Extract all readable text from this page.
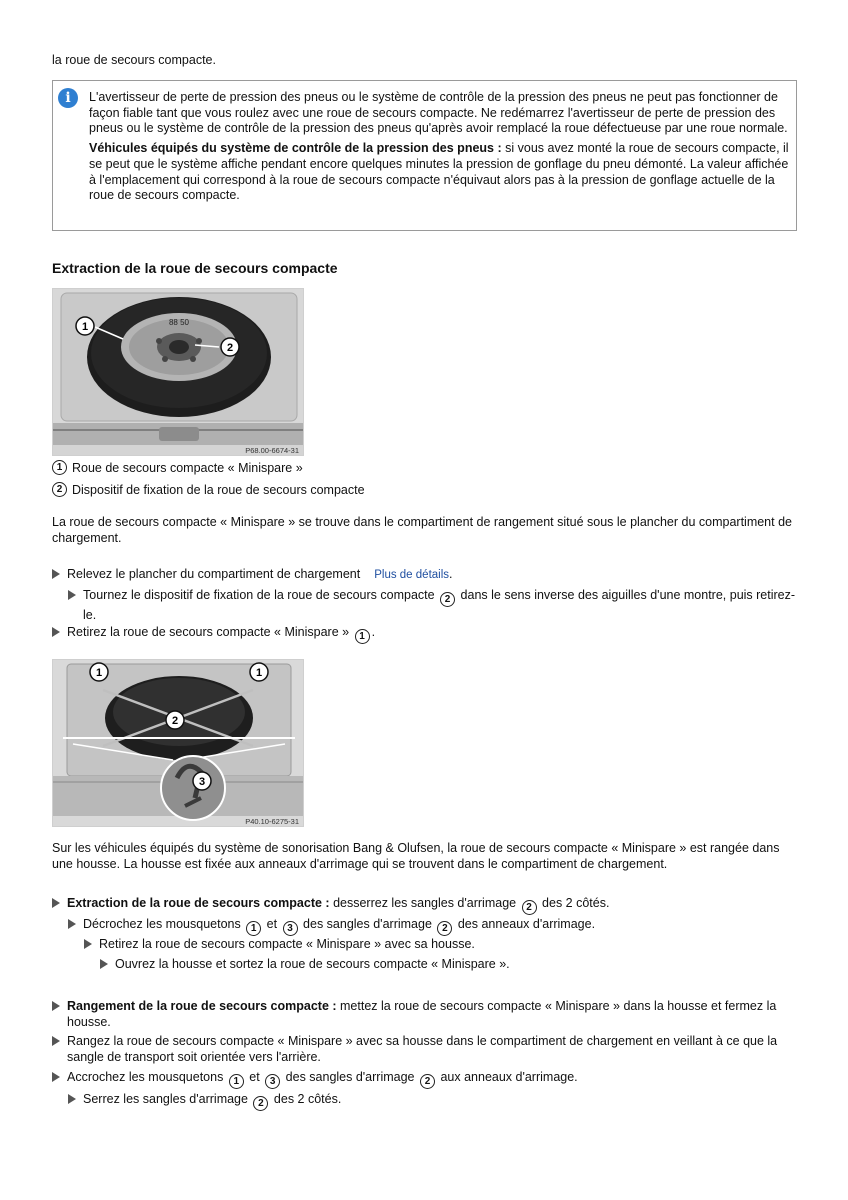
la roue de secours compacte.

i	L'avertisseur de perte de pression des pneus ou le système de contrôle de la pression des pneus ne peut pas fonctionner de façon fiable tant que vous roulez avec une roue de secours compacte. Ne redémarrez l'avertisseur de perte de pression des pneus ou le système de contrôle de la pression des pneus qu'après avoir remplacé la roue défectueuse par une roue normale.

Véhicules équipés du système de contrôle de la pression des pneus : si vous avez monté la roue de secours compacte, il se peut que le système affiche pendant encore quelques minutes la pression de gonflage du pneu démonté. La valeur affichée à l'emplacement qui correspond à la roue de secours compacte n'équivaut alors pas à la pression de gonflage actuelle de la roue de secours compacte.

Extraction de la roue de secours compacte
88 50
1
2
P68.00-6674-31
1 Roue de secours compacte « Minispare »
2 Dispositif de fixation de la roue de secours compacte

La roue de secours compacte « Minispare » se trouve dans le compartiment de rangement situé sous le plancher du compartiment de chargement.

Relevez le plancher du compartiment de chargement Plus de détails.
Tournez le dispositif de fixation de la roue de secours compacte 2 dans le sens inverse des aiguilles d'une montre, puis retirez-le.
Retirez la roue de secours compacte « Minispare » 1 .
1	1
2
3
P40.10-6275-31

Sur les véhicules équipés du système de sonorisation Bang & Olufsen, la roue de secours compacte « Minispare » est rangée dans une housse. La housse est fixée aux anneaux d'arrimage qui se trouvent dans le compartiment de chargement.

Extraction de la roue de secours compacte : desserrez les sangles d'arrimage 2 des 2 côtés.
Décrochez les mousquetons 1 et 3 des sangles d'arrimage 2 des anneaux d'arrimage.
Retirez la roue de secours compacte « Minispare » avec sa housse.
Ouvrez la housse et sortez la roue de secours compacte « Minispare ».
Rangement de la roue de secours compacte : mettez la roue de secours compacte « Minispare » dans la housse et fermez la housse.
Rangez la roue de secours compacte « Minispare » avec sa housse dans le compartiment de chargement en veillant à ce que la sangle de transport soit orientée vers l'arrière.
Accrochez les mousquetons 1 et 3 des sangles d'arrimage 2 aux anneaux d'arrimage.
Serrez les sangles d'arrimage 2 des 2 côtés.
